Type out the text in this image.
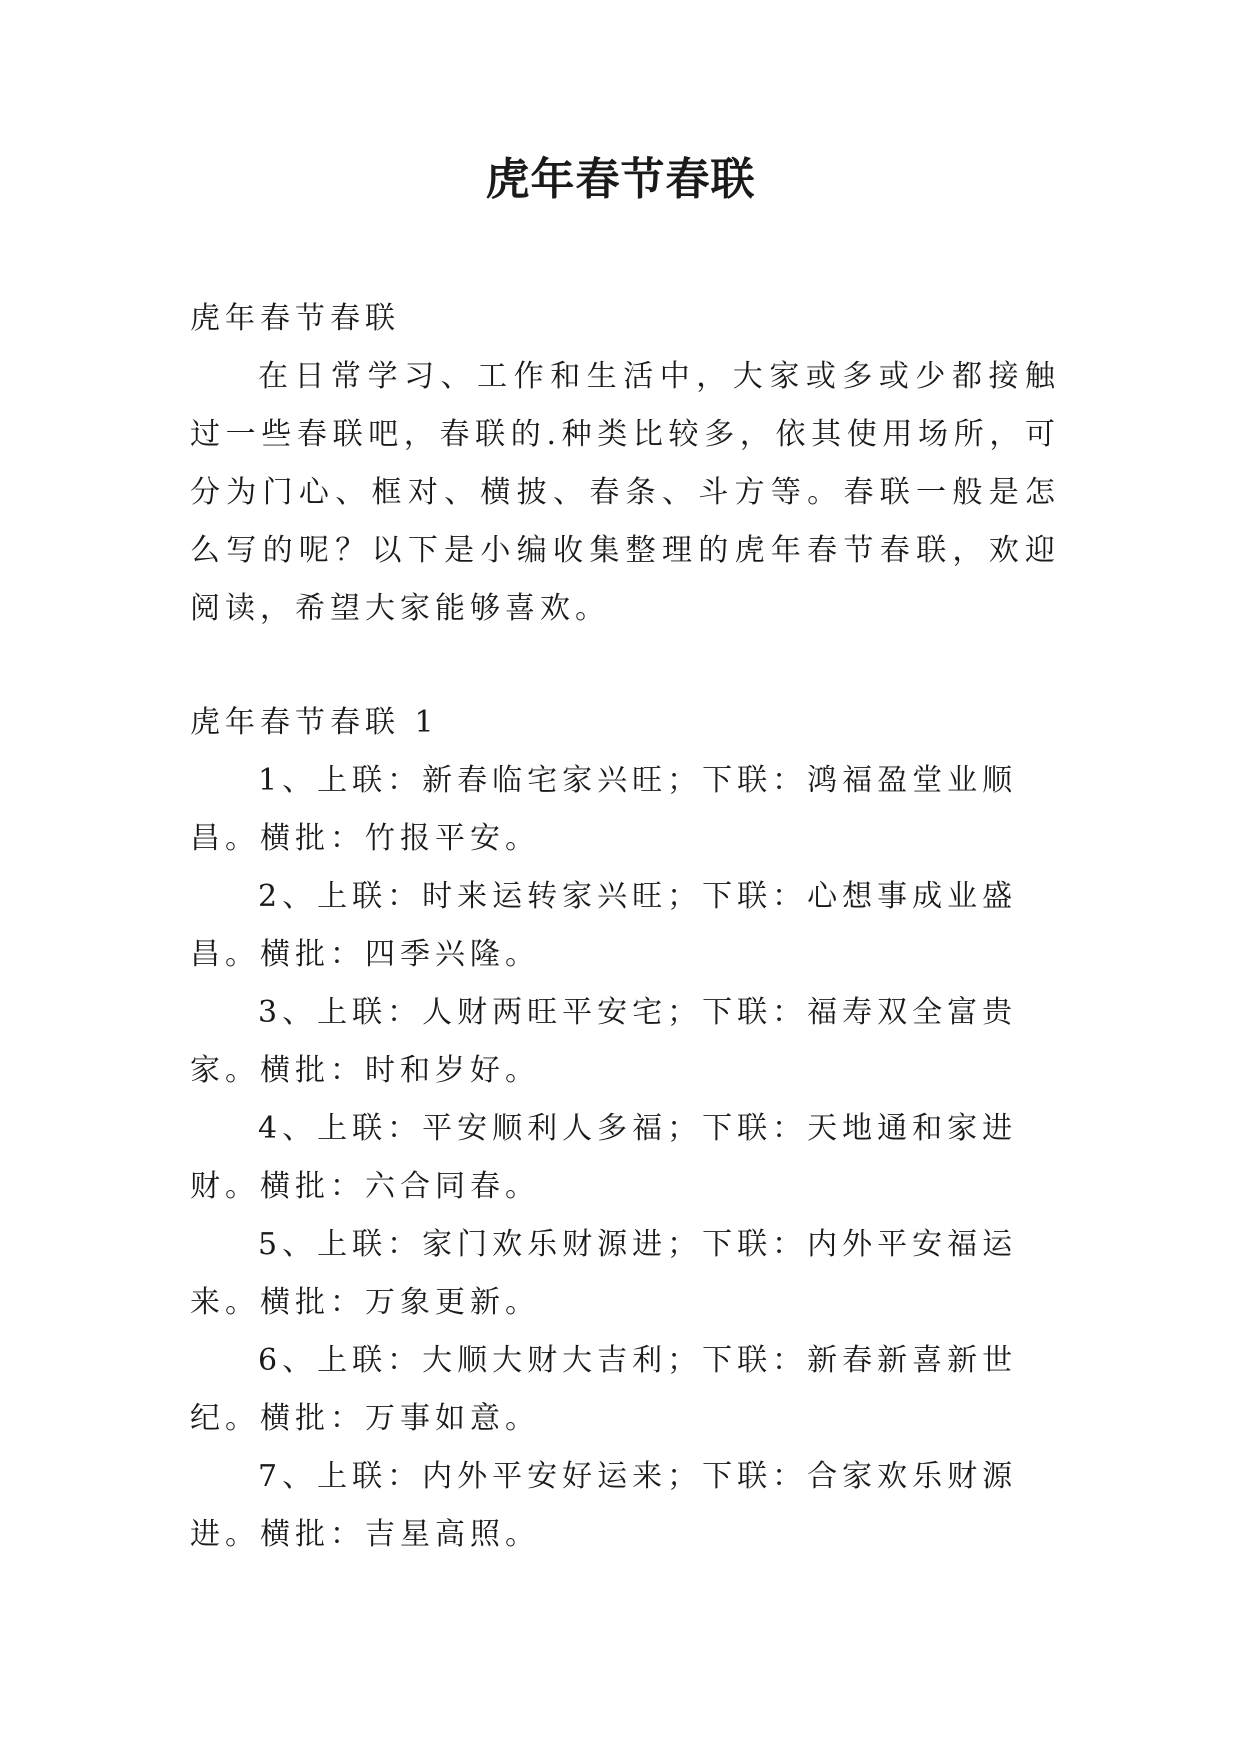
虎年春节春联

虎年春节春联

在日常学习、工作和生活中，大家或多或少都接触过一些春联吧，春联的.种类比较多，依其使用场所，可分为门心、框对、横披、春条、斗方等。春联一般是怎么写的呢？以下是小编收集整理的虎年春节春联，欢迎阅读，希望大家能够喜欢。

虎年春节春联 1

1、上联：新春临宅家兴旺；下联：鸿福盈堂业顺昌。横批：竹报平安。

2、上联：时来运转家兴旺；下联：心想事成业盛昌。横批：四季兴隆。

3、上联：人财两旺平安宅；下联：福寿双全富贵家。横批：时和岁好。

4、上联：平安顺利人多福；下联：天地通和家进财。横批：六合同春。

5、上联：家门欢乐财源进；下联：内外平安福运来。横批：万象更新。

6、上联：大顺大财大吉利；下联：新春新喜新世纪。横批：万事如意。

7、上联：内外平安好运来；下联：合家欢乐财源进。横批：吉星高照。
